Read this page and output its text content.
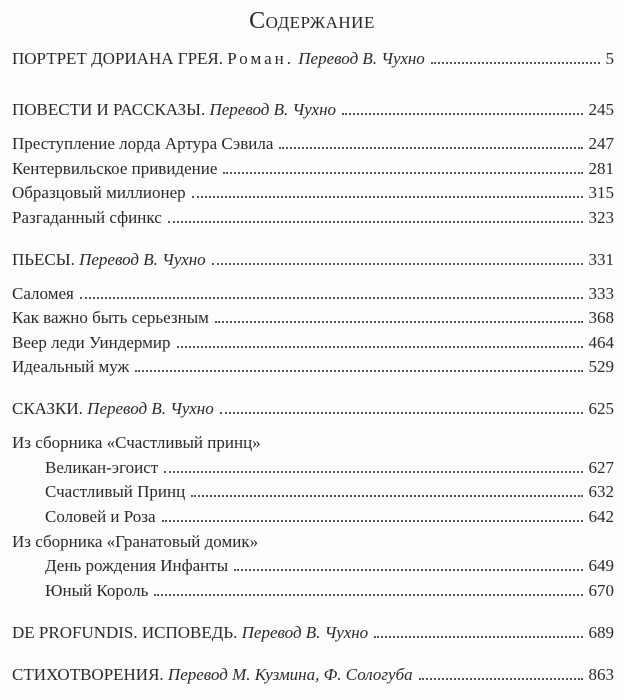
Содержание
ПОРТРЕТ ДОРИАНА ГРЕЯ. Роман. Перевод В. Чухно	5
ПОВЕСТИ И РАССКАЗЫ. Перевод В. Чухно	245
Преступление лорда Артура Сэвила	247
Кентервильское привидение	281
Образцовый миллионер	315
Разгаданный сфинкс	323
ПЬЕСЫ. Перевод В. Чухно	331
Саломея	333
Как важно быть серьезным	368
Веер леди Уиндермир	464
Идеальный муж	529
СКАЗКИ. Перевод В. Чухно	625
Из сборника «Счастливый принц»
Великан-эгоист	627
Счастливый Принц	632
Соловей и Роза	642
Из сборника «Гранатовый домик»
День рождения Инфанты	649
Юный Король	670
DE PROFUNDIS. ИСПОВЕДЬ. Перевод В. Чухно	689
СТИХОТВОРЕНИЯ. Перевод М. Кузмина, Ф. Сологуба	863
